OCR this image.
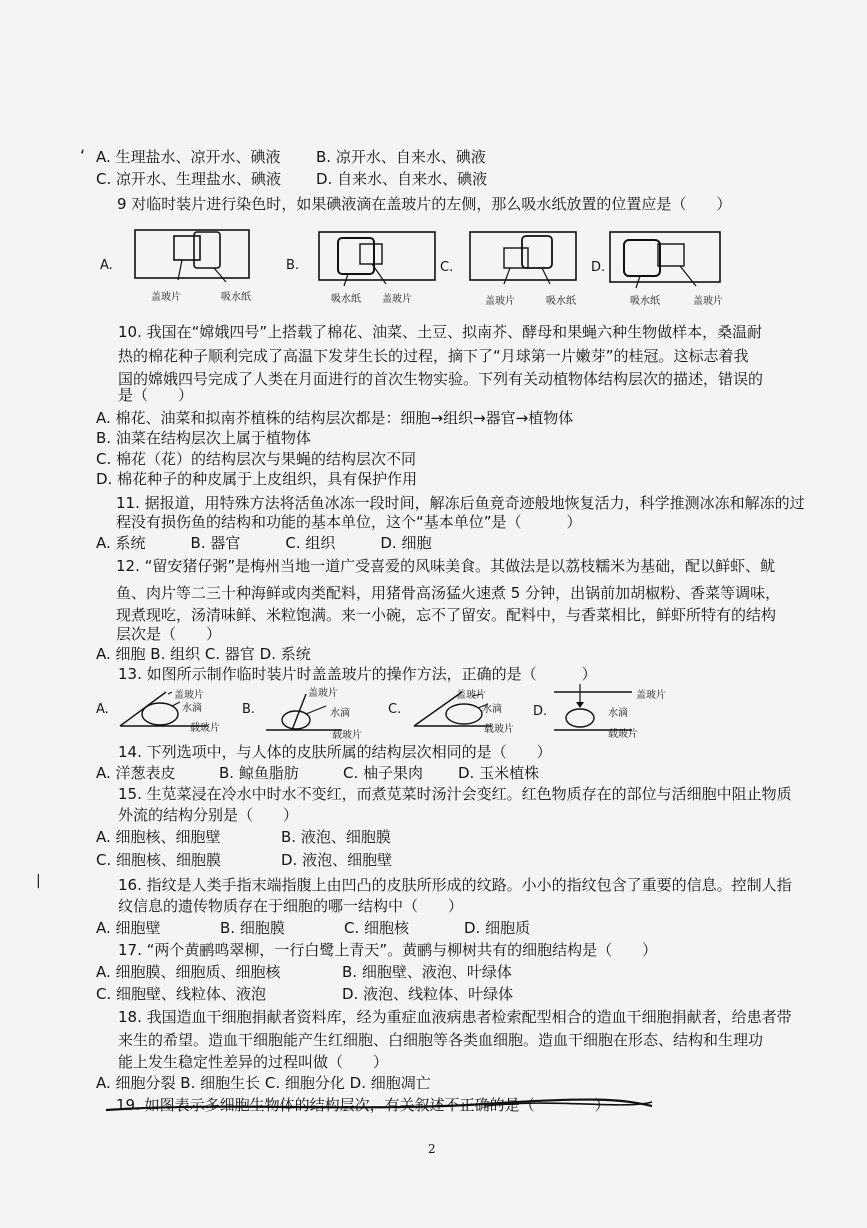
‘ A. 生理盐水、凉开水、碘液 B. 凉开水、自来水、碘液
C. 凉开水、生理盐水、碘液 D. 自来水、自来水、碘液
9 对临时装片进行染色时，如果碘液滴在盖玻片的左侧，那么吸水纸放置的位置应是（　　）
A.
盖玻片	吸水纸
B.
吸水纸 盖玻片
C.
盖玻片	吸水纸
D.
吸水纸	盖玻片
10. 我国在“嫦娥四号”上搭载了棉花、油菜、土豆、拟南芥、酵母和果蝇六种生物做样本，桑温耐
热的棉花种子顺利完成了高温下发芽生长的过程，摘下了“月球第一片嫩芽”的桂冠。这标志着我
国的嫦娥四号完成了人类在月面进行的首次生物实验。下列有关动植物体结构层次的描述，错误的
是（　　）
A. 棉花、油菜和拟南芥植株的结构层次都是：细胞→组织→器官→植物体
B. 油菜在结构层次上属于植物体
C. 棉花（花）的结构层次与果蝇的结构层次不同
D. 棉花种子的种皮属于上皮组织，具有保护作用
11. 据报道，用特殊方法将活鱼冰冻一段时间，解冻后鱼竟奇迹般地恢复活力，科学推测冰冻和解冻的过
程没有损伤鱼的结构和功能的基本单位，这个“基本单位”是（　　　）
A. 系统　　　B. 器官　　　C. 组织　　　D. 细胞
12. “留安猪仔粥”是梅州当地一道广受喜爱的风味美食。其做法是以荔枝糯米为基础，配以鲜虾、鱿
鱼、肉片等二三十种海鲜或肉类配料，用猪骨高汤猛火速煮 5 分钟，出锅前加胡椒粉、香菜等调味，
现煮现吃，汤清味鲜、米粒饱满。来一小碗，忘不了留安。配料中，与香菜相比，鲜虾所特有的结构
层次是（　　）
A. 细胞 B. 组织 C. 器官 D. 系统
13. 如图所示制作临时装片时盖盖玻片的操作方法，正确的是（　　　）
A.
盖玻片
水滴
载玻片
B.
盖玻片
水滴
载玻片
C.
盖玻片
水滴
载玻片
D.
盖玻片
水滴
载玻片
14. 下列选项中，与人体的皮肤所属的结构层次相同的是（　　）
A. 洋葱表皮	B. 鲸鱼脂肪	C. 柚子果肉 D. 玉米植株
15. 生苋菜浸在冷水中时水不变红，而煮苋菜时汤汁会变红。红色物质存在的部位与活细胞中阻止物质
外流的结构分别是（　　）
A. 细胞核、细胞壁	B. 液泡、细胞膜
C. 细胞核、细胞膜	D. 液泡、细胞壁
|	16. 指纹是人类手指末端指腹上由凹凸的皮肤所形成的纹路。小小的指纹包含了重要的信息。控制人指
纹信息的遗传物质存在于细胞的哪一结构中（　　）
A. 细胞壁	B. 细胞膜	C. 细胞核	D. 细胞质
17. “两个黄鹂鸣翠柳，一行白鹭上青天”。黄鹂与柳树共有的细胞结构是（　　）
A. 细胞膜、细胞质、细胞核	B. 细胞壁、液泡、叶绿体
C. 细胞壁、线粒体、液泡	D. 液泡、线粒体、叶绿体
18. 我国造血干细胞捐献者资料库，经为重症血液病患者检索配型相合的造血干细胞捐献者，给患者带
来生的希望。造血干细胞能产生红细胞、白细胞等各类血细胞。造血干细胞在形态、结构和生理功
能上发生稳定性差异的过程叫做（　　）
A. 细胞分裂 B. 细胞生长 C. 细胞分化 D. 细胞凋亡
19. 如图表示多细胞生物体的结构层次，有关叙述不正确的是（　　　　）
2
